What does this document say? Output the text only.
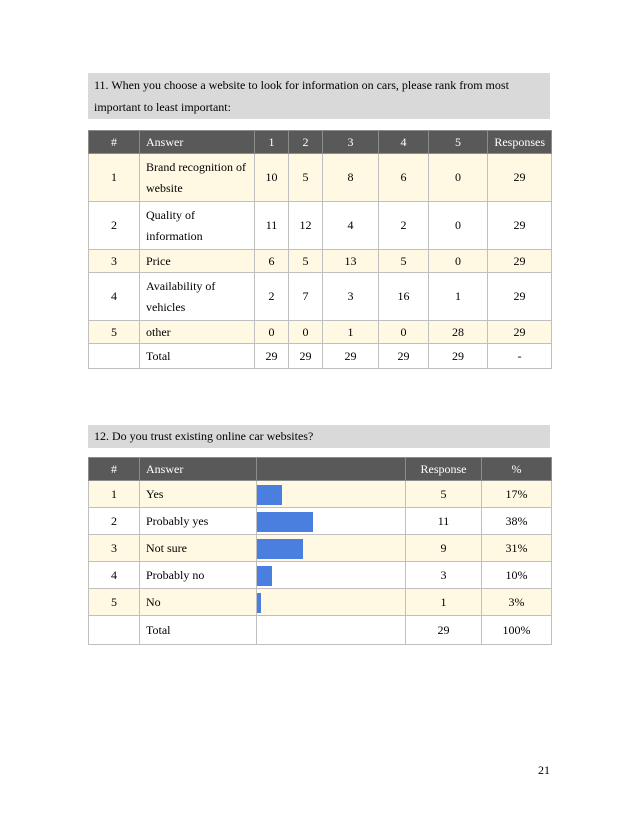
11. When you choose a website to look for information on cars, please rank from most important to least important:
#	Answer	1	2	3	4	5	Responses
1	Brand recognition of website	10	5	8	6	0	29
2	Quality of information	11	12	4	2	0	29
3	Price	6	5	13	5	0	29
4	Availability of vehicles	2	7	3	16	1	29
5	other	0	0	1	0	28	29
	Total	29	29	29	29	29	-
12. Do you trust existing online car websites?
#	Answer		Response	%
1	Yes		5	17%
2	Probably yes		11	38%
3	Not sure		9	31%
4	Probably no		3	10%
5	No		1	3%
	Total		29	100%
21
